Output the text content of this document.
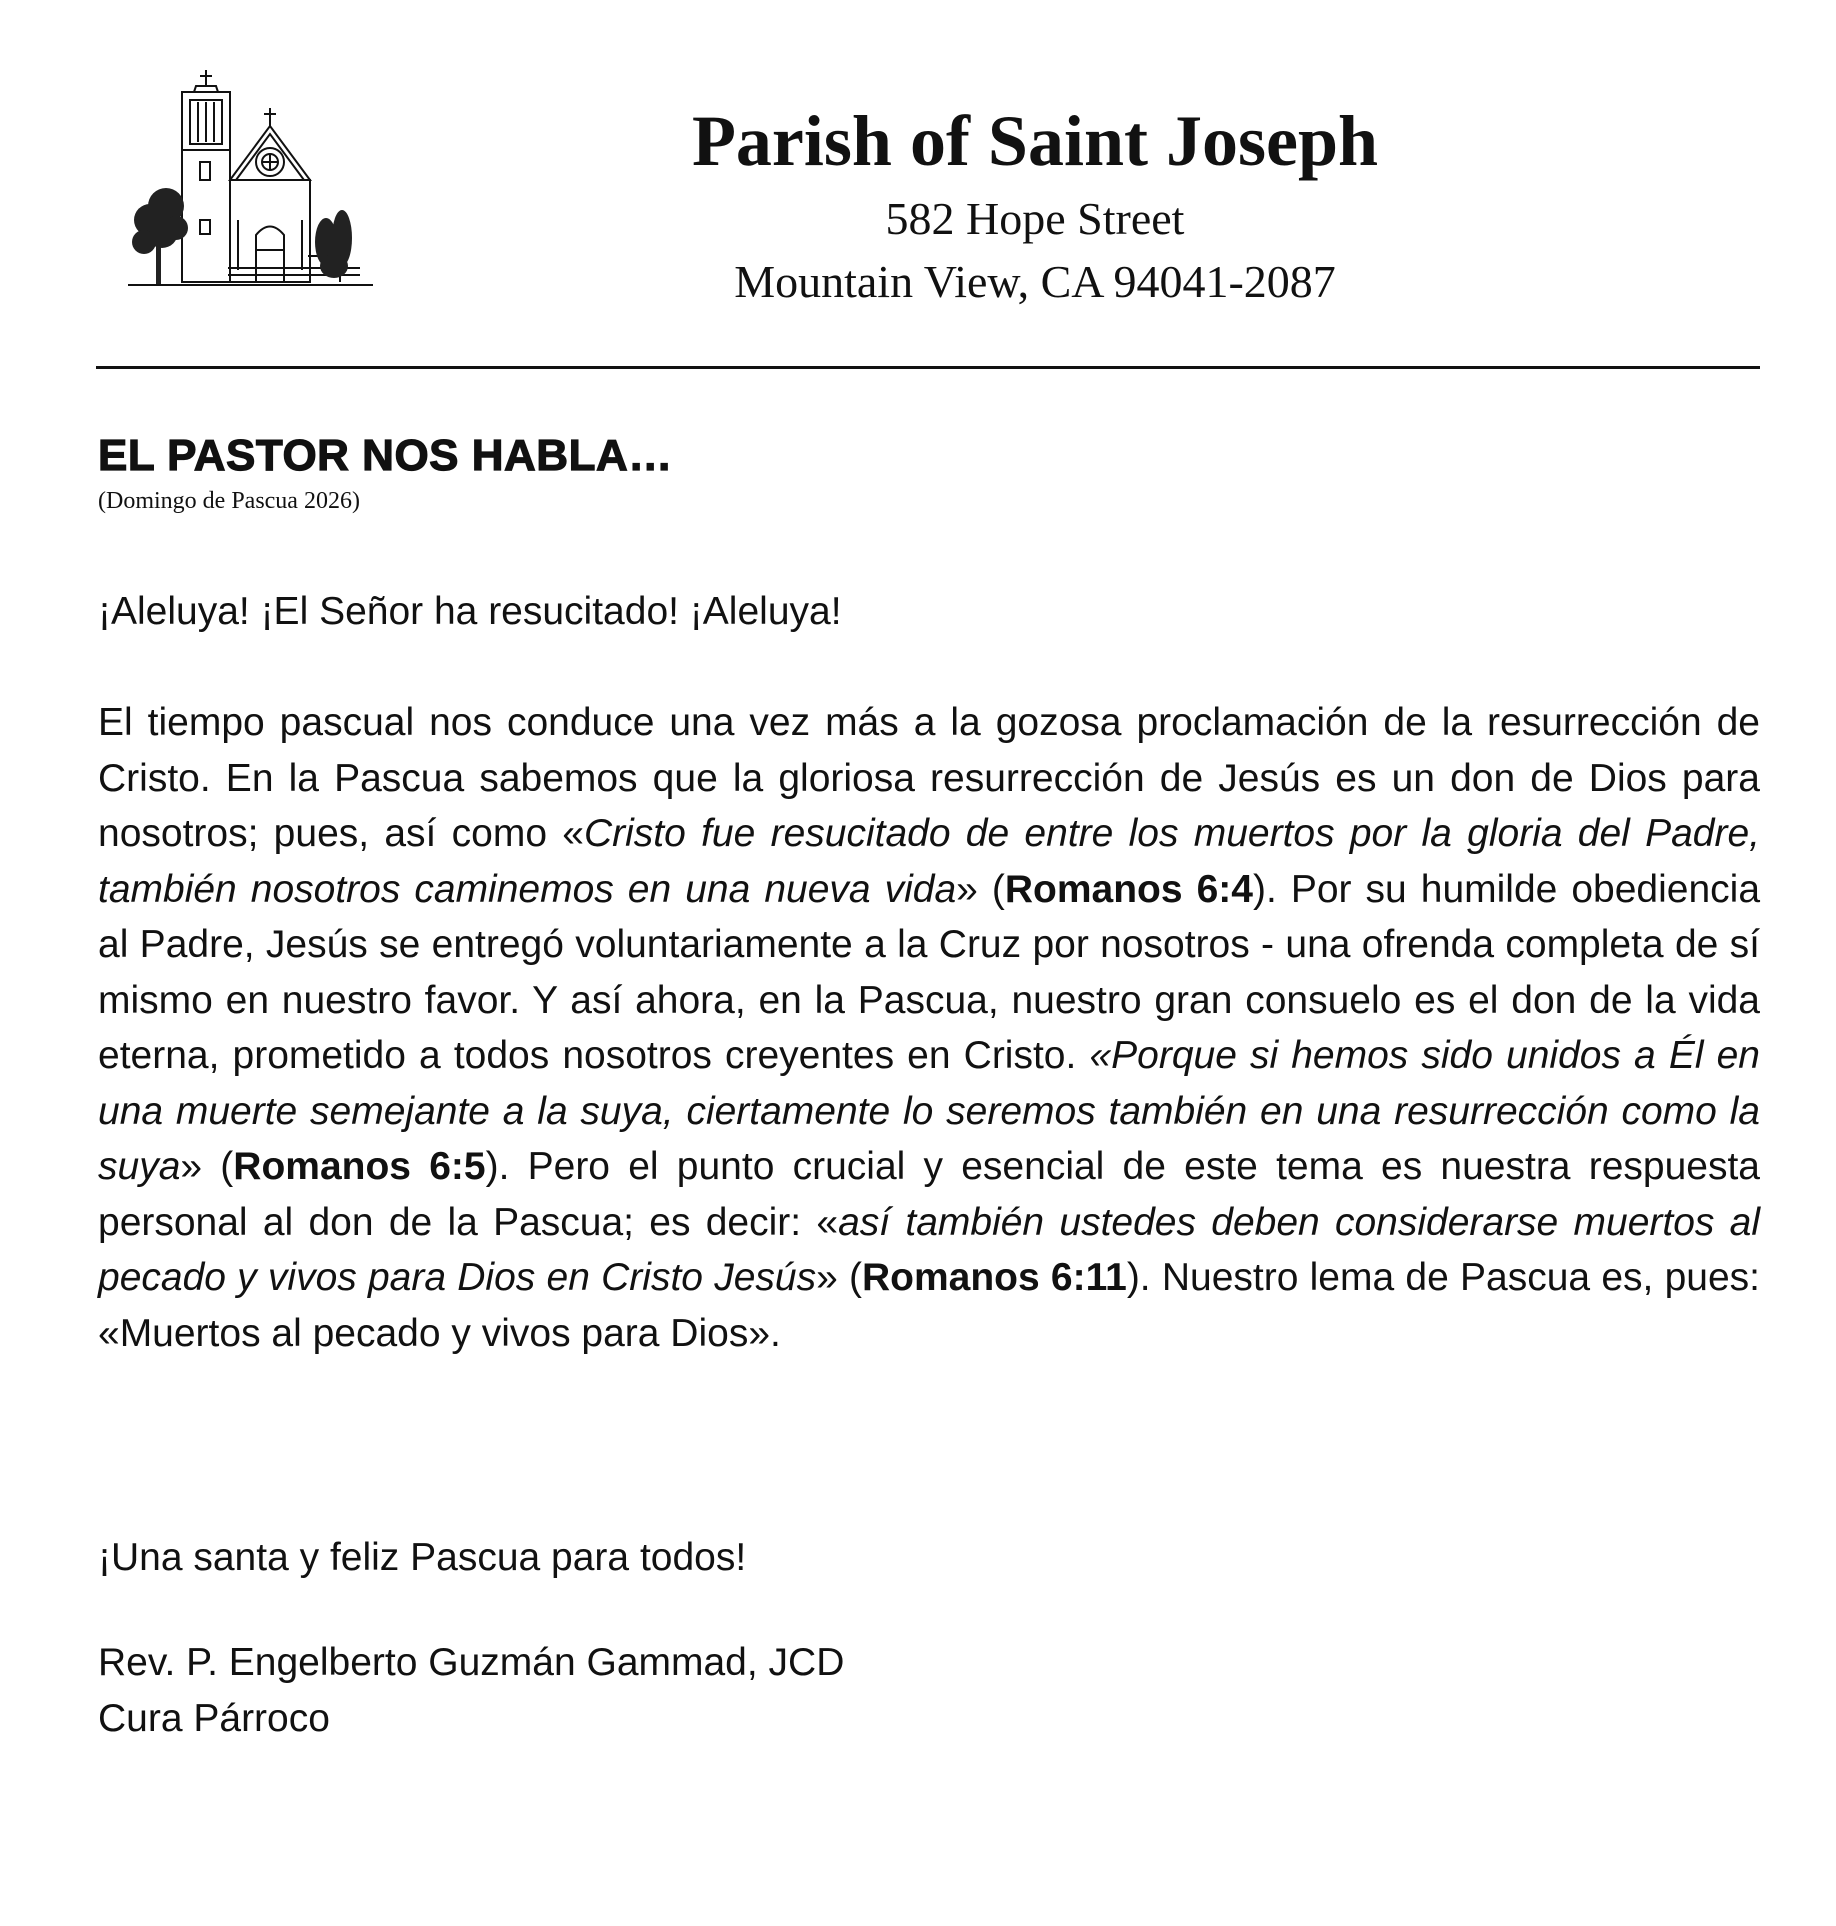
Parish of Saint Joseph

582 Hope Street

Mountain View, CA 94041-2087

EL PASTOR NOS HABLA…
(Domingo de Pascua 2026)

¡Aleluya! ¡El Señor ha resucitado! ¡Aleluya!

El tiempo pascual nos conduce una vez más a la gozosa proclamación de la resurrección de Cristo. En la Pascua sabemos que la gloriosa resurrección de Jesús es un don de Dios para nosotros; pues, así como «Cristo fue resucitado de entre los muertos por la gloria del Padre, también nosotros caminemos en una nueva vida» (Romanos 6:4). Por su humilde obediencia al Padre, Jesús se entregó voluntariamente a la Cruz por nosotros - una ofrenda completa de sí mismo en nuestro favor. Y así ahora, en la Pascua, nuestro gran consuelo es el don de la vida eterna, prometido a todos nosotros creyentes en Cristo. «Porque si hemos sido unidos a Él en una muerte semejante a la suya, ciertamente lo seremos también en una resurrección como la suya» (Romanos 6:5). Pero el punto crucial y esencial de este tema es nuestra respuesta personal al don de la Pascua; es decir: «así también ustedes deben considerarse muertos al pecado y vivos para Dios en Cristo Jesús» (Romanos 6:11). Nuestro lema de Pascua es, pues: «Muertos al pecado y vivos para Dios».

¡Una santa y feliz Pascua para todos!

Rev. P. Engelberto Guzmán Gammad, JCD
Cura Párroco
